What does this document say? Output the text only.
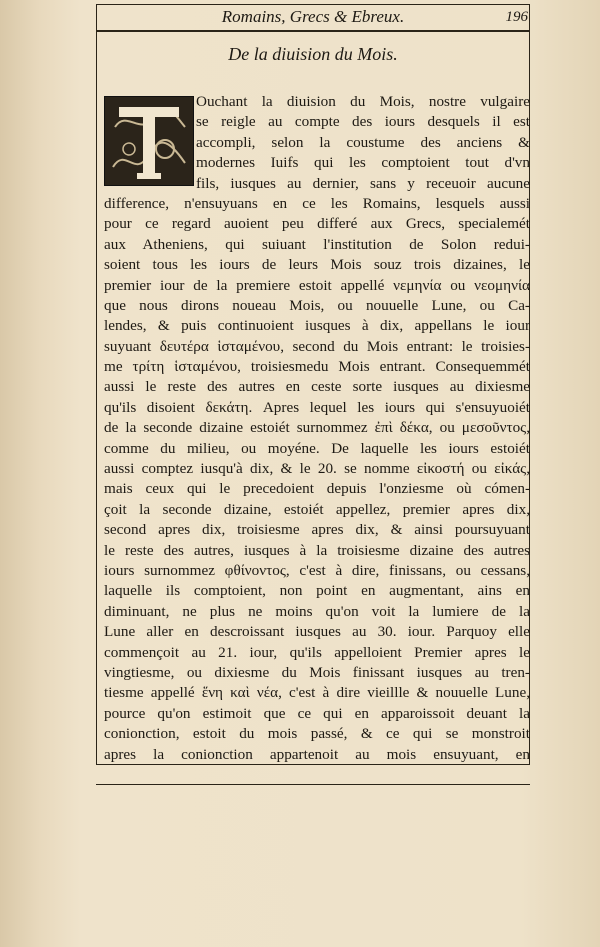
Romains, Grecs & Ebreux.	196
De la diuision du Mois.
Ouchant la diuision du Mois, nostre vulgaire
se reigle au compte des iours desquels il est
accompli, selon la coustume des anciens &
modernes Iuifs qui les comptoient tout d'vn
fils, iusques au dernier, sans y receuoir aucune
difference, n'ensuyuans en ce les Romains, lesquels aussi
pour ce regard auoient peu differé aux Grecs, specialemét
aux Atheniens, qui suiuant l'institution de Solon redui-
soient tous les iours de leurs Mois souz trois dizaines, le
premier iour de la premiere estoit appellé νεμηνία ou νεομηνία
que nous dirons noueau Mois, ou nouuelle Lune, ou Ca-
lendes, & puis continuoient iusques à dix, appellans le iour
suyuant δευτέρα ἱσταμένου, second du Mois entrant: le troisies-
me τρίτη ἱσταμένου, troisiesmedu Mois entrant. Consequemmét
aussi le reste des autres en ceste sorte iusques au dixiesme
qu'ils disoient δεκάτη. Apres lequel les iours qui s'ensuyuoiét
de la seconde dizaine estoiét surnommez ἐπὶ δέκα, ou μεσοῦντος,
comme du milieu, ou moyéne. De laquelle les iours estoiét
aussi comptez iusqu'à dix, & le 20. se nomme εἰκοστή ou εἰκάς,
mais ceux qui le precedoient depuis l'onziesme où cómen-
çoit la seconde dizaine, estoiét appellez, premier apres dix,
second apres dix, troisiesme apres dix, & ainsi poursuyuant
le reste des autres, iusques à la troisiesme dizaine des autres
iours surnommez φθίνοντος, c'est à dire, finissans, ou cessans,
laquelle ils comptoient, non point en augmentant, ains en
diminuant, ne plus ne moins qu'on voit la lumiere de la
Lune aller en descroissant iusques au 30. iour. Parquoy elle
commençoit au 21. iour, qu'ils appelloient Premier apres le
vingtiesme, ou dixiesme du Mois finissant iusques au tren-
tiesme appellé ἕνη καὶ νέα, c'est à dire vieillle & nouuelle Lune,
pource qu'on estimoit que ce qui en apparoissoit deuant la
conionction, estoit du mois passé, & ce qui se monstroit
apres la conionction appartenoit au mois ensuyuant, en
